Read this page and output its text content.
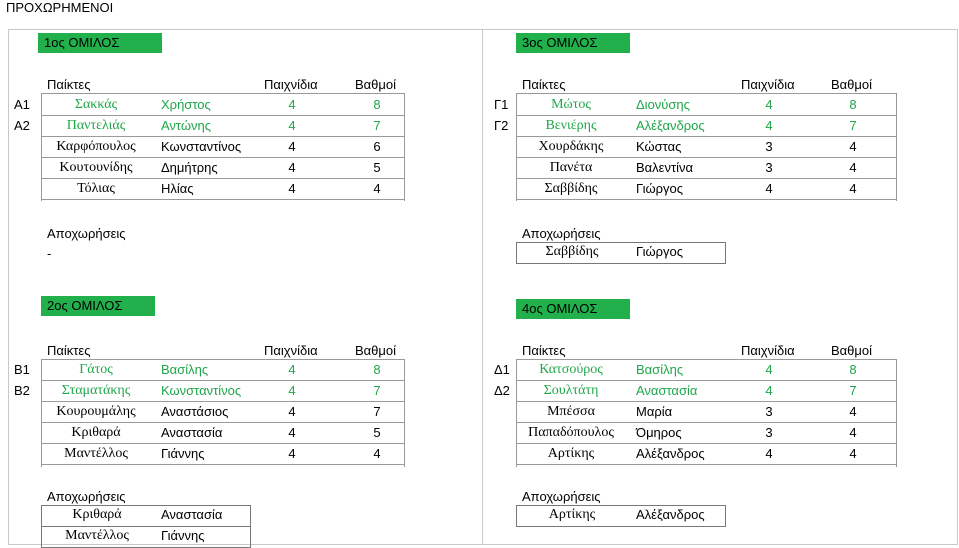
ΠΡΟΧΩΡΗΜΕΝΟΙ
1ος ΟΜΙΛΟΣ
Παίκτες	Παιχνίδια	Βαθμοί
Α1	Σακκάς	Χρήστος	4	8
Α2	Παντελιάς	Αντώνης	4	7
Καρφόπουλος	Κωνσταντίνος	4	6
Κουτουνίδης	Δημήτρης	4	5
Τόλιας	Ηλίας	4	4
Αποχωρήσεις
-
3ος ΟΜΙΛΟΣ
Παίκτες	Παιχνίδια	Βαθμοί
Γ1	Μώτος	Διονύσης	4	8
Γ2	Βενιέρης	Αλέξανδρος	4	7
Χουρδάκης	Κώστας	3	4
Πανέτα	Βαλεντίνα	3	4
Σαββίδης	Γιώργος	4	4
Αποχωρήσεις
Σαββίδης	Γιώργος
2ος ΟΜΙΛΟΣ
Παίκτες	Παιχνίδια	Βαθμοί
Β1	Γάτος	Βασίλης	4	8
Β2	Σταματάκης	Κωνσταντίνος	4	7
Κουρουμάλης	Αναστάσιος	4	7
Κριθαρά	Αναστασία	4	5
Μαντέλλος	Γιάννης	4	4
Αποχωρήσεις
Κριθαρά	Αναστασία
Μαντέλλος	Γιάννης
4ος ΟΜΙΛΟΣ
Παίκτες	Παιχνίδια	Βαθμοί
Δ1	Κατσούρος	Βασίλης	4	8
Δ2	Σουλτάτη	Αναστασία	4	7
Μπέσσα	Μαρία	3	4
Παπαδόπουλος	Όμηρος	3	4
Αρτίκης	Αλέξανδρος	4	4
Αποχωρήσεις
Αρτίκης	Αλέξανδρος
